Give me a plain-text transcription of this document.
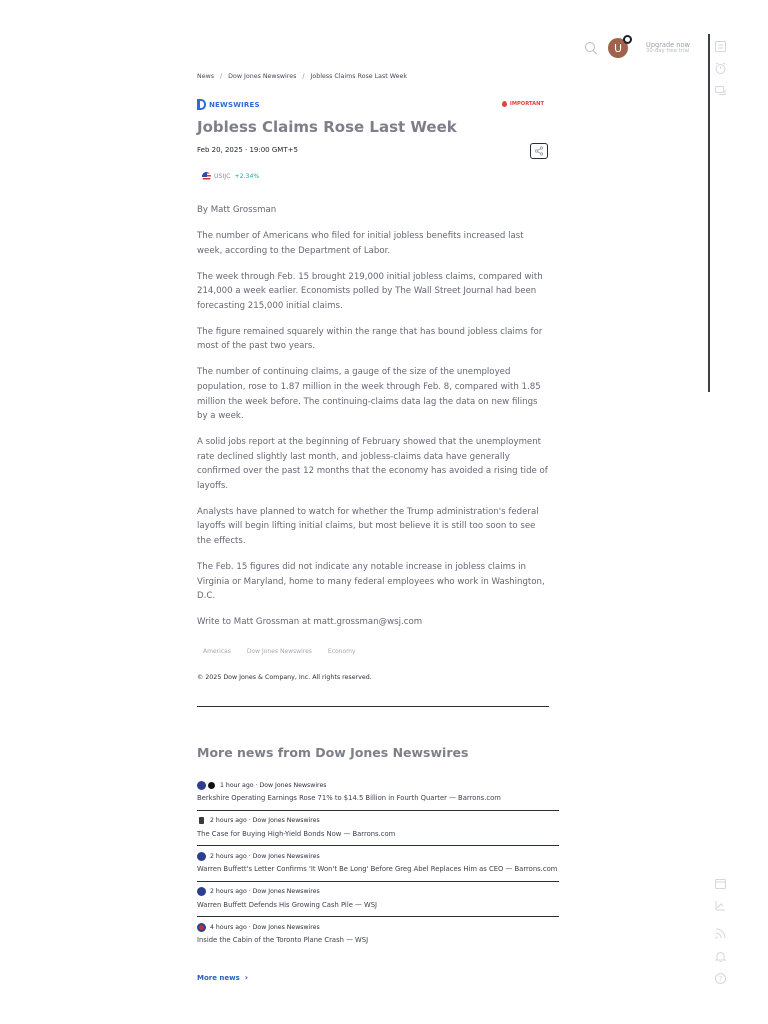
U	Upgrade now
30-day free trial
?
News / Dow Jones Newswires / Jobless Claims Rose Last Week
NEWSWIRES	IMPORTANT
Jobless Claims Rose Last Week
Feb 20, 2025 · 19:00 GMT+5
USIJC +2.34%

By Matt Grossman

The number of Americans who filed for initial jobless benefits increased last week, according to the Department of Labor.

The week through Feb. 15 brought 219,000 initial jobless claims, compared with 214,000 a week earlier. Economists polled by The Wall Street Journal had been forecasting 215,000 initial claims.

The figure remained squarely within the range that has bound jobless claims for most of the past two years.

The number of continuing claims, a gauge of the size of the unemployed population, rose to 1.87 million in the week through Feb. 8, compared with 1.85 million the week before. The continuing-claims data lag the data on new filings by a week.

A solid jobs report at the beginning of February showed that the unemployment rate declined slightly last month, and jobless-claims data have generally confirmed over the past 12 months that the economy has avoided a rising tide of layoffs.

Analysts have planned to watch for whether the Trump administration's federal layoffs will begin lifting initial claims, but most believe it is still too soon to see the effects.

The Feb. 15 figures did not indicate any notable increase in jobless claims in Virginia or Maryland, home to many federal employees who work in Washington, D.C.

Write to Matt Grossman at matt.grossman@wsj.com

Americas	Dow Jones Newswires	Economy
© 2025 Dow Jones & Company, Inc. All rights reserved.
More news from Dow Jones Newswires
1 hour ago · Dow Jones Newswires
Berkshire Operating Earnings Rose 71% to $14.5 Billion in Fourth Quarter — Barrons.com
2 hours ago · Dow Jones Newswires
The Case for Buying High-Yield Bonds Now — Barrons.com
2 hours ago · Dow Jones Newswires
Warren Buffett's Letter Confirms 'It Won't Be Long' Before Greg Abel Replaces Him as CEO — Barrons.com
2 hours ago · Dow Jones Newswires
Warren Buffett Defends His Growing Cash Pile — WSJ
4 hours ago · Dow Jones Newswires
Inside the Cabin of the Toronto Plane Crash — WSJ
More news ›
